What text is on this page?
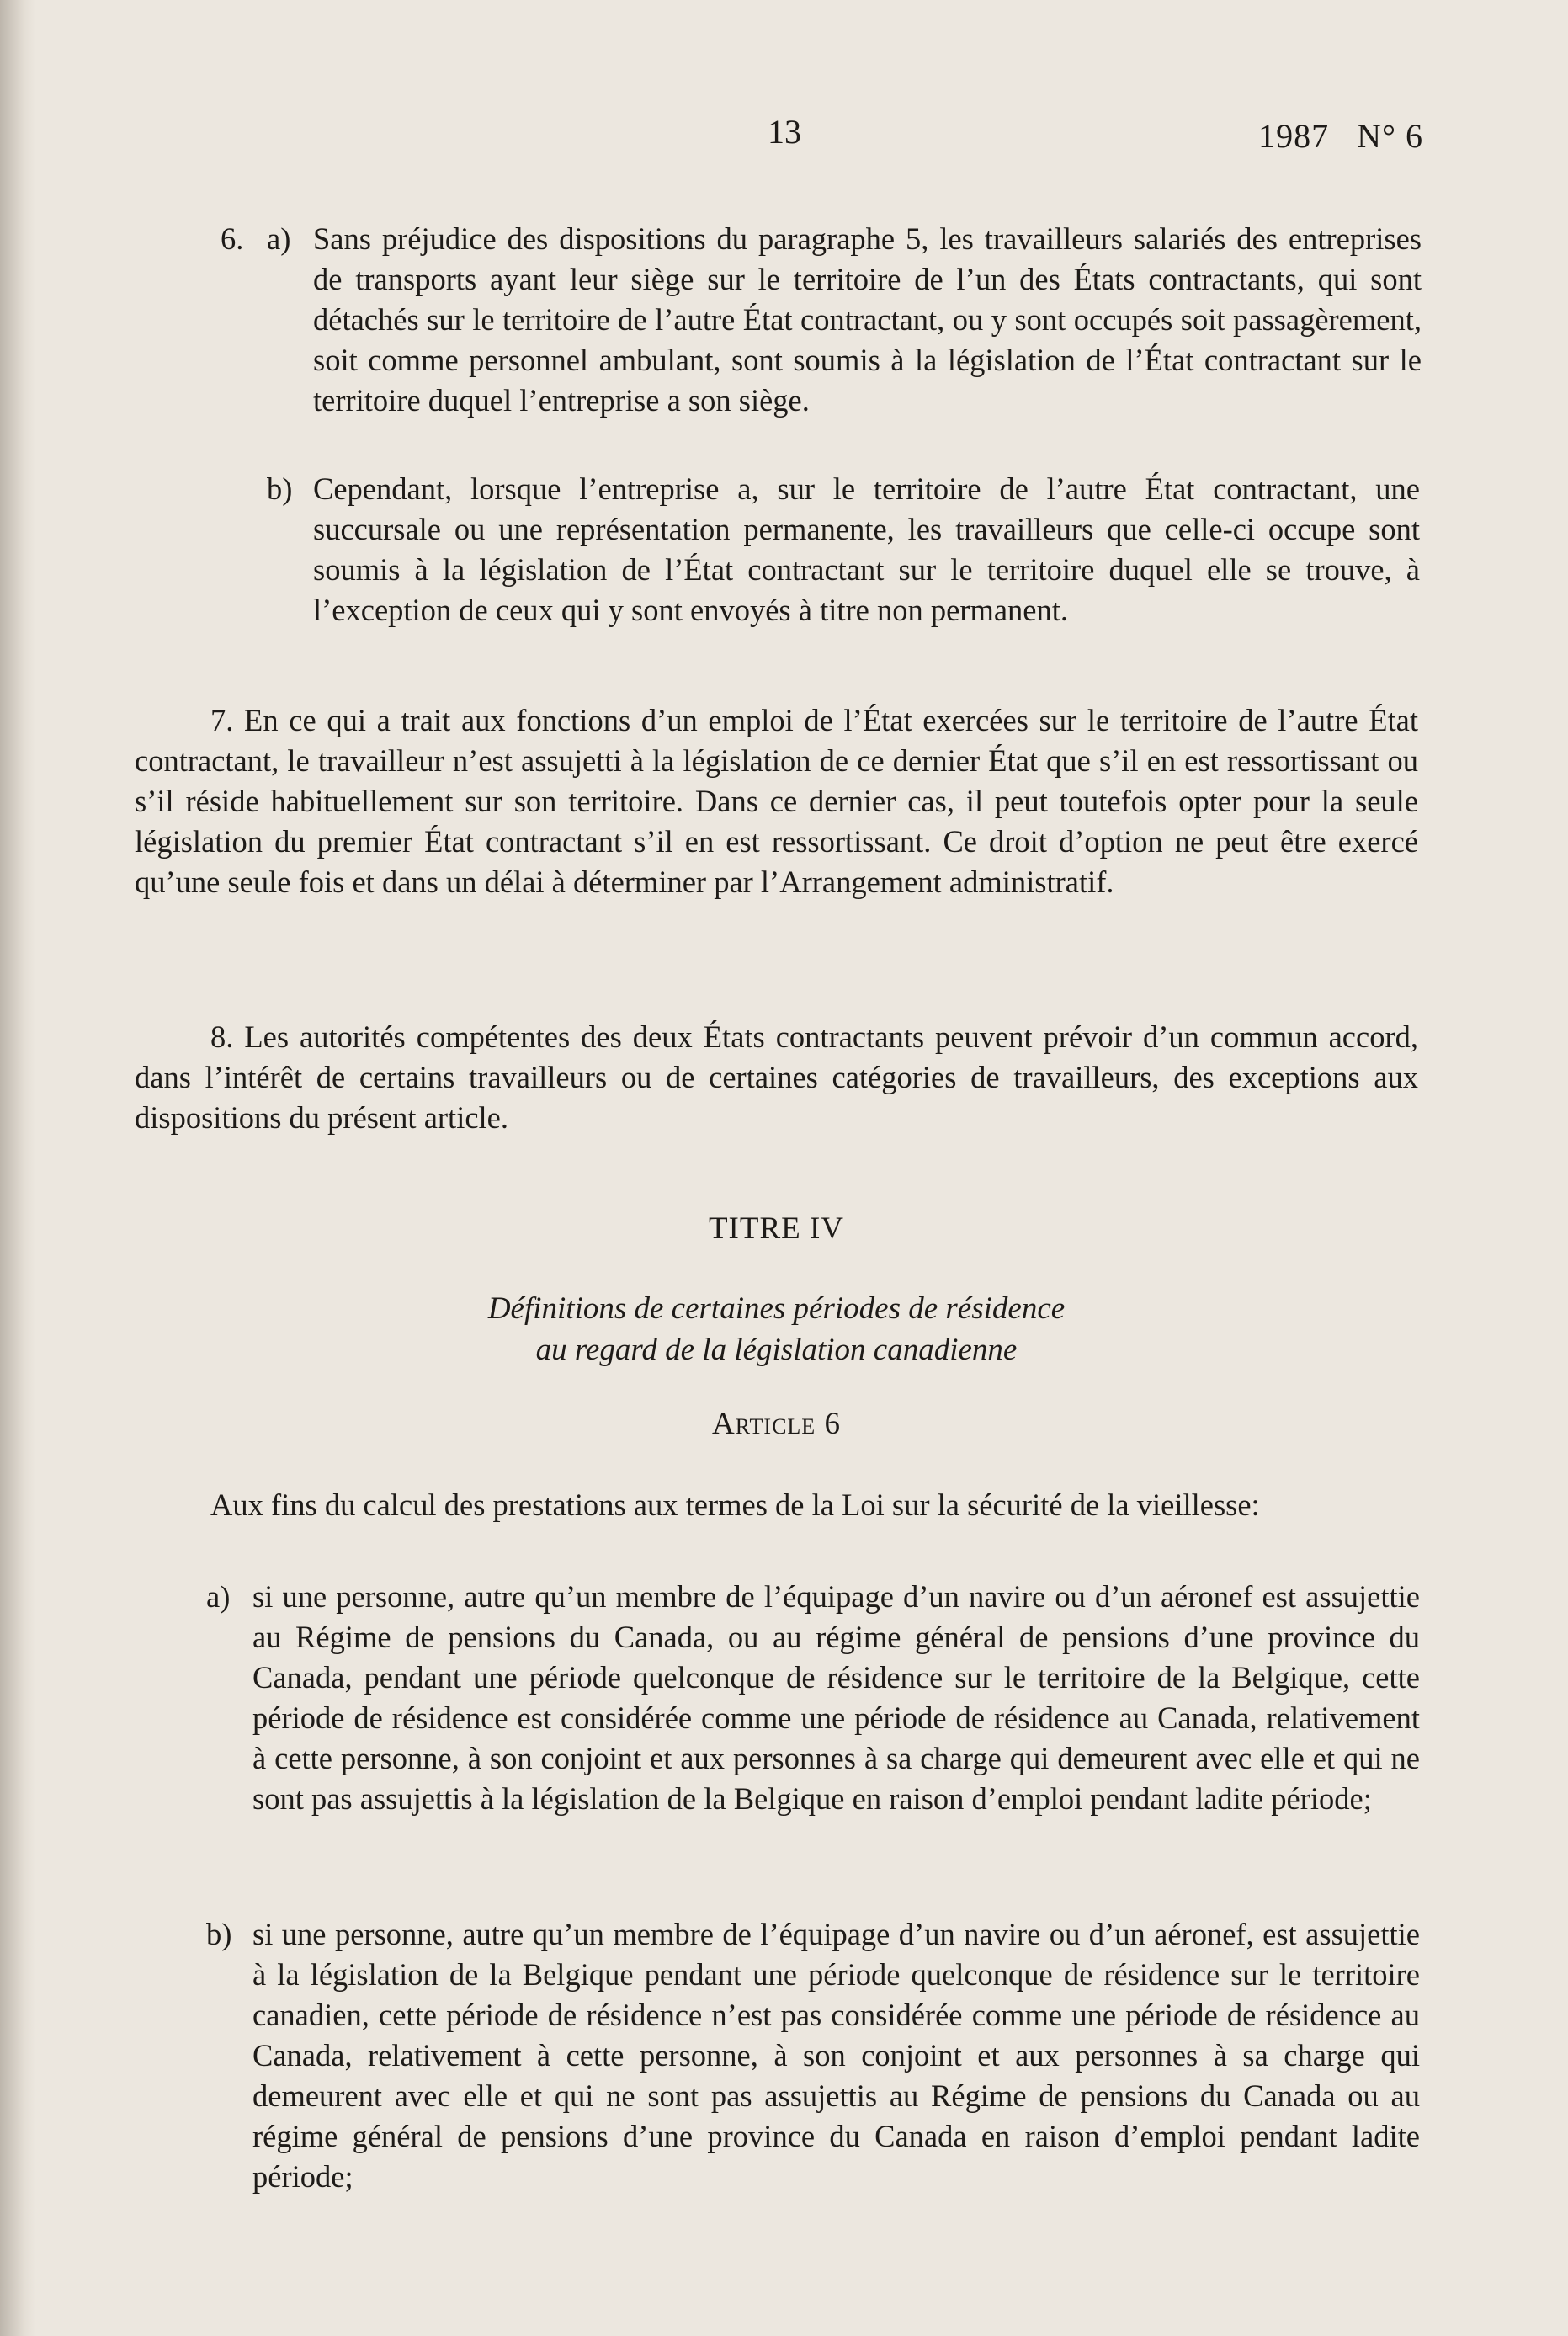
13	1987   N° 6
6. a) Sans préjudice des dispositions du paragraphe 5, les travailleurs salariés des entreprises de transports ayant leur siège sur le territoire de l’un des États contractants, qui sont détachés sur le territoire de l’autre État contractant, ou y sont occupés soit passagèrement, soit comme personnel ambulant, sont soumis à la législation de l’État contractant sur le territoire duquel l’entreprise a son siège.
b) Cependant, lorsque l’entreprise a, sur le territoire de l’autre État contractant, une succursale ou une représentation permanente, les travailleurs que celle-ci occupe sont soumis à la législation de l’État contractant sur le territoire duquel elle se trouve, à l’exception de ceux qui y sont envoyés à titre non permanent.
7. En ce qui a trait aux fonctions d’un emploi de l’État exercées sur le territoire de l’autre État contractant, le travailleur n’est assujetti à la législation de ce dernier État que s’il en est ressortissant ou s’il réside habituellement sur son territoire. Dans ce dernier cas, il peut toutefois opter pour la seule législation du premier État contractant s’il en est ressortissant. Ce droit d’option ne peut être exercé qu’une seule fois et dans un délai à déterminer par l’Arrangement administratif.
8. Les autorités compétentes des deux États contractants peuvent prévoir d’un commun accord, dans l’intérêt de certains travailleurs ou de certaines catégories de travailleurs, des exceptions aux dispositions du présent article.
TITRE IV
Définitions de certaines périodes de résidence
au regard de la législation canadienne
Article 6
Aux fins du calcul des prestations aux termes de la Loi sur la sécurité de la vieillesse:
a) si une personne, autre qu’un membre de l’équipage d’un navire ou d’un aéronef est assujettie au Régime de pensions du Canada, ou au régime général de pensions d’une province du Canada, pendant une période quelconque de résidence sur le territoire de la Belgique, cette période de résidence est considérée comme une période de résidence au Canada, relativement à cette personne, à son conjoint et aux personnes à sa charge qui demeurent avec elle et qui ne sont pas assujettis à la législation de la Belgique en raison d’emploi pendant ladite période;
b) si une personne, autre qu’un membre de l’équipage d’un navire ou d’un aéronef, est assujettie à la législation de la Belgique pendant une période quelconque de résidence sur le territoire canadien, cette période de résidence n’est pas considérée comme une période de résidence au Canada, relativement à cette personne, à son conjoint et aux personnes à sa charge qui demeurent avec elle et qui ne sont pas assujettis au Régime de pensions du Canada ou au régime général de pensions d’une province du Canada en raison d’emploi pendant ladite période;
